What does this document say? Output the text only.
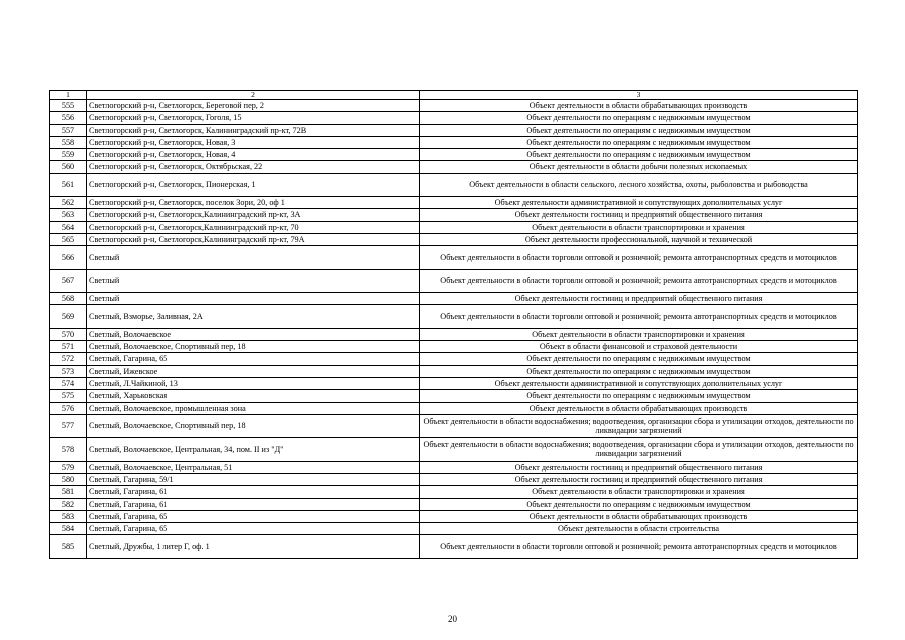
1	2	3
555	Светлогорский р-н, Светлогорск, Береговой пер, 2	Объект деятельности в области обрабатывающих производств
556	Светлогорский р-н, Светлогорск, Гоголя, 15	Объект деятельности по операциям с недвижимым имуществом
557	Светлогорский р-н, Светлогорск, Калининградский пр-кт, 72В	Объект деятельности по операциям с недвижимым имуществом
558	Светлогорский р-н, Светлогорск, Новая, 3	Объект деятельности по операциям с недвижимым имуществом
559	Светлогорский р-н, Светлогорск, Новая, 4	Объект деятельности по операциям с недвижимым имуществом
560	Светлогорский р-н, Светлогорск, Октябрьская, 22	Объект деятельности в области добычи полезных ископаемых
561	Светлогорский р-н, Светлогорск, Пионерская, 1	Объект деятельности в области сельского, лесного хозяйства, охоты, рыболовства и рыбоводства
562	Светлогорский р-н, Светлогорск, поселок Зори, 20, оф 1	Объект деятельности административной и сопутствующих дополнительных услуг
563	Светлогорский р-н, Светлогорск,Калининградский пр-кт, 3А	Объект деятельности гостиниц и предприятий общественного питания
564	Светлогорский р-н, Светлогорск,Калининградский пр-кт, 70	Объект деятельности в области транспортировки и хранения
565	Светлогорский р-н, Светлогорск,Калининградский пр-кт, 79А	Объект деятельности профессиональной, научной и технической
566	Светлый	Объект деятельности в области торговли оптовой и розничной; ремонта автотранспортных средств и мотоциклов
567	Светлый	Объект деятельности в области торговли оптовой и розничной; ремонта автотранспортных средств и мотоциклов
568	Светлый	Объект деятельности гостиниц и предприятий общественного питания
569	Светлый, Взморье, Заливная, 2А	Объект деятельности в области торговли оптовой и розничной; ремонта автотранспортных средств и мотоциклов
570	Светлый, Волочаевское	Объект деятельности в области транспортировки и хранения
571	Светлый, Волочаевское, Спортивный пер, 18	Объект в области финансовой и страховой деятельности
572	Светлый, Гагарина, 65	Объект деятельности по операциям с недвижимым имуществом
573	Светлый, Ижевское	Объект деятельности по операциям с недвижимым имуществом
574	Светлый, Л.Чайкиной, 13	Объект деятельности административной и сопутствующих дополнительных услуг
575	Светлый, Харьковская	Объект деятельности по операциям с недвижимым имуществом
576	Светлый, Волочаевское, промышленная зона	Объект деятельности в области обрабатывающих производств
577	Светлый, Волочаевское, Спортивный пер, 18	Объект деятельности в области водоснабжения; водоотведения, организации сбора и утилизации отходов, деятельности по ликвидации загрязнений
578	Светлый, Волочаевское, Центральная, 34, пом. II из "Д"	Объект деятельности в области водоснабжения; водоотведения, организации сбора и утилизации отходов, деятельности по ликвидации загрязнений
579	Светлый, Волочаевское, Центральная, 51	Объект деятельности гостиниц и предприятий общественного питания
580	Светлый, Гагарина, 59/1	Объект деятельности гостиниц и предприятий общественного питания
581	Светлый, Гагарина, 61	Объект деятельности в области транспортировки и хранения
582	Светлый, Гагарина, 61	Объект деятельности по операциям с недвижимым имуществом
583	Светлый, Гагарина, 65	Объект деятельности в области обрабатывающих производств
584	Светлый, Гагарина, 65	Объект деятельности в области строительства
585	Светлый, Дружбы, 1 литер Г, оф. 1	Объект деятельности в области торговли оптовой и розничной; ремонта автотранспортных средств и мотоциклов
20
